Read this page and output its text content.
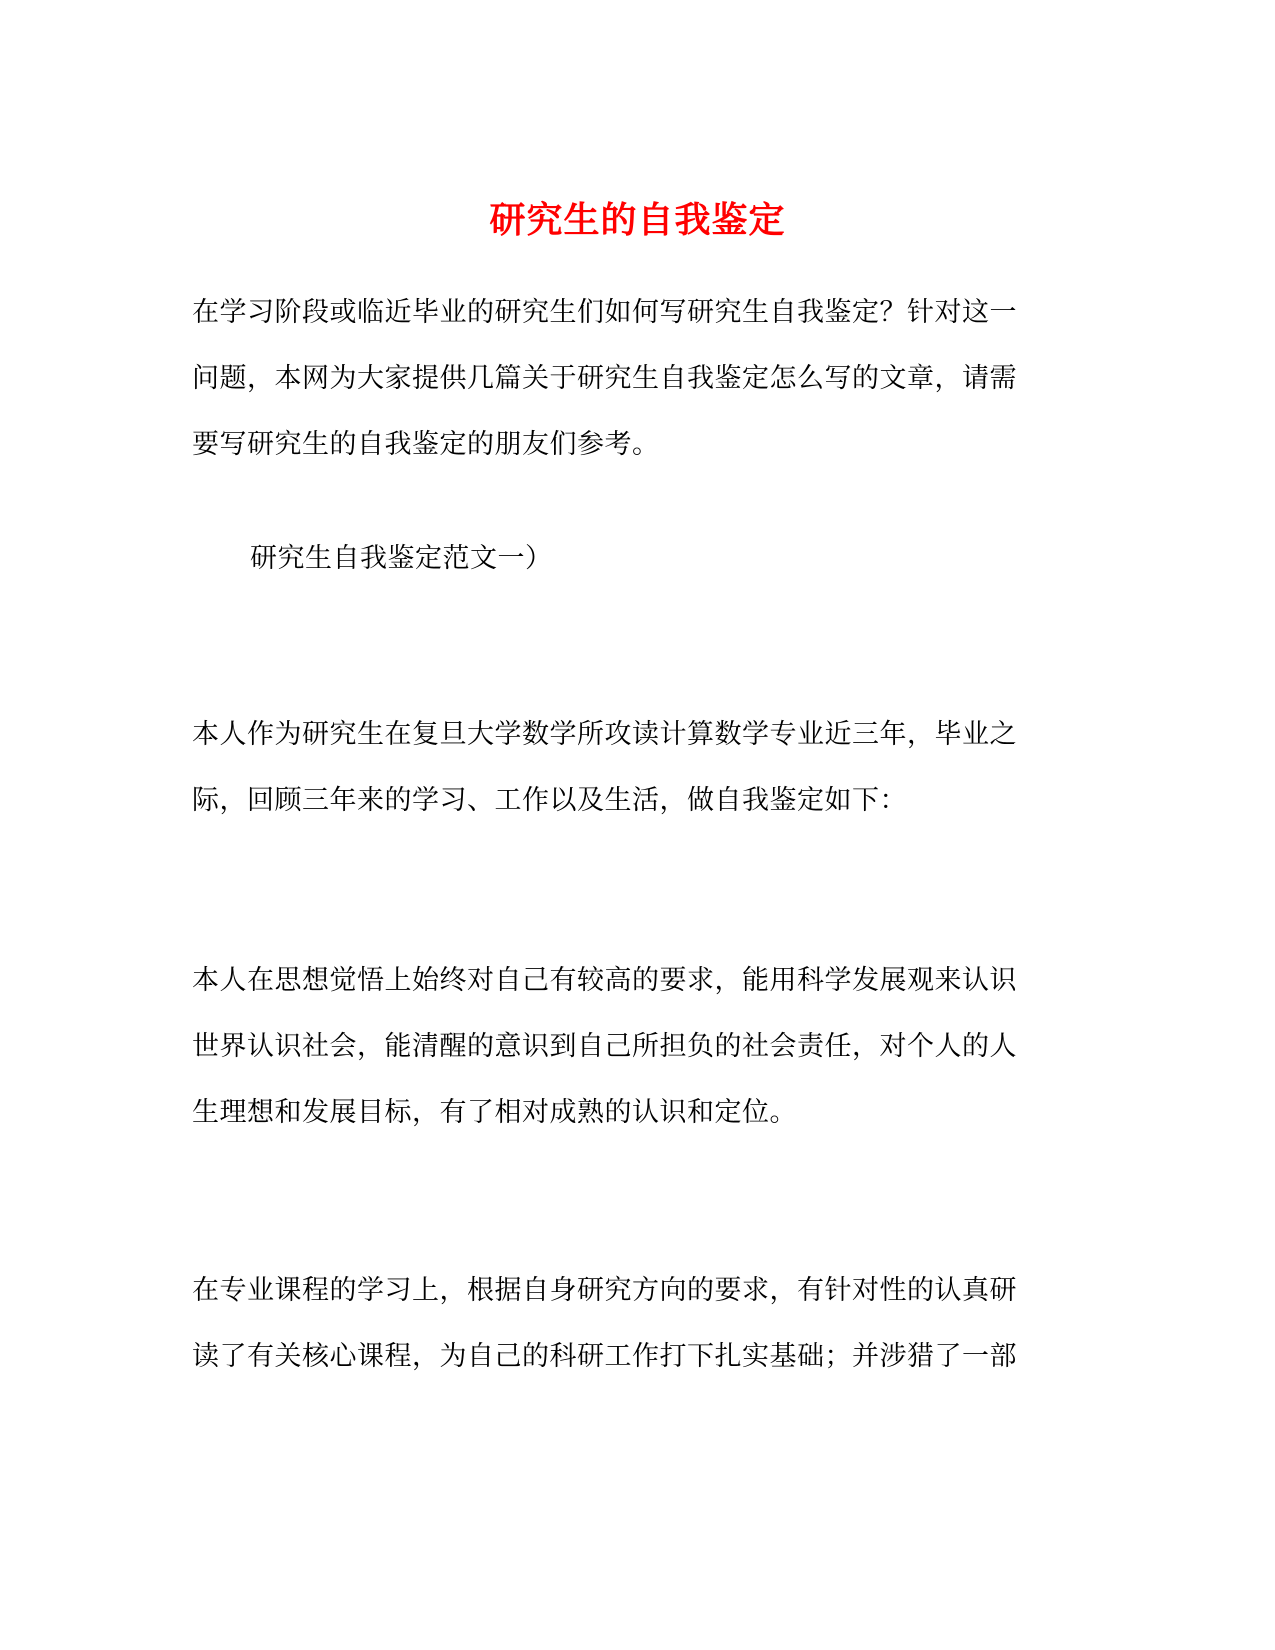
研究生的自我鉴定
在学习阶段或临近毕业的研究生们如何写研究生自我鉴定？针对这一
问题，本网为大家提供几篇关于研究生自我鉴定怎么写的文章，请需
要写研究生的自我鉴定的朋友们参考。
研究生自我鉴定范文一）
本人作为研究生在复旦大学数学所攻读计算数学专业近三年，毕业之
际，回顾三年来的学习、工作以及生活，做自我鉴定如下：
本人在思想觉悟上始终对自己有较高的要求，能用科学发展观来认识
世界认识社会，能清醒的意识到自己所担负的社会责任，对个人的人
生理想和发展目标，有了相对成熟的认识和定位。
在专业课程的学习上，根据自身研究方向的要求，有针对性的认真研
读了有关核心课程，为自己的科研工作打下扎实基础；并涉猎了一部
